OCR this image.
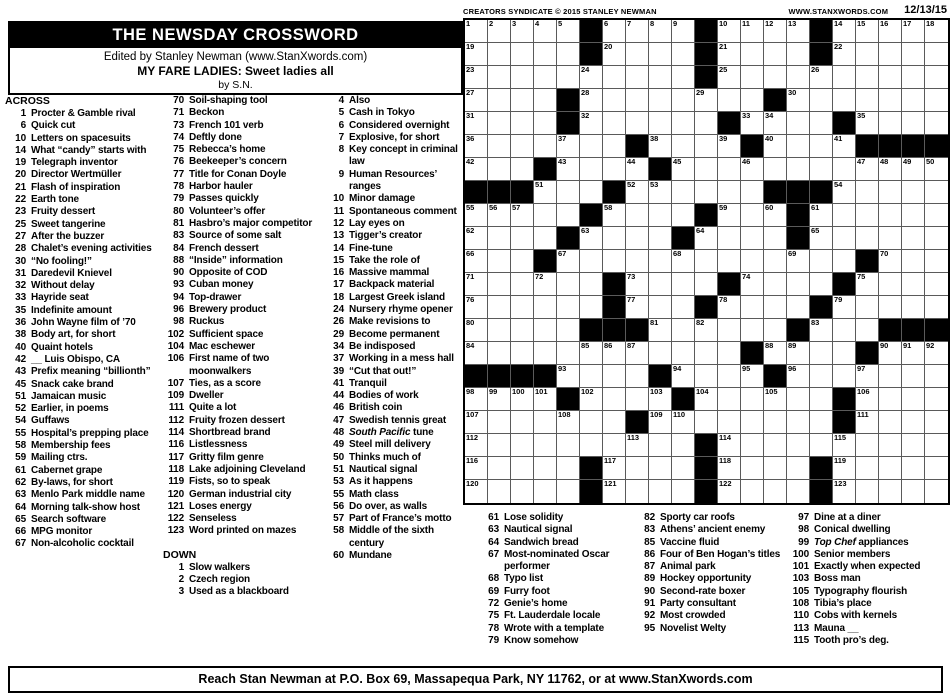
CREATORS SYNDICATE © 2015 STANLEY NEWMAN	WWW.STANXWORDS.COM 12/13/15
THE NEWSDAY CROSSWORD
Edited by Stanley Newman (www.StanXwords.com)
MY FARE LADIES: Sweet ladies all
by S.N.
1	2	3	4	5	6	7	8	9	10 11 12 13	14 15 16 17 18
19	20	21	22
23	24	25	26
27	28	29	30
31	32	33 34	35
36	37	38	39	40	41
42	43	44	45	46	47 48 49 50
51	52 53	54
55 56 57	58	59	60	61
62	63	64	65
66	67	68	69	70
71	72	73	74	75
76	77	78	79
80	81	82	83
84	85 86 87	88 89	90 91 92
93	94	95	96	97
98 99 100 101	102	103	104	105	106
107	108	109 110	111
112	113	114	115
116	117	118	119
120	121	122	123
ACROSS
1 Procter & Gamble rival
6 Quick cut
10 Letters on spacesuits
14 What “candy” starts with
19 Telegraph inventor
20 Director Wertmüller
21 Flash of inspiration
22 Earth tone
23 Fruity dessert
25 Sweet tangerine
27 After the buzzer
28 Chalet’s evening activities
30 “No fooling!”
31 Daredevil Knievel
32 Without delay
33 Hayride seat
35 Indefinite amount
36 John Wayne film of ’70
38 Body art, for short
40 Quaint hotels
42 __ Luis Obispo, CA
43 Prefix meaning “billionth”
45 Snack cake brand
51 Jamaican music
52 Earlier, in poems
54 Guffaws
55 Hospital’s prepping place
58 Membership fees
59 Mailing ctrs.
61 Cabernet grape
62 By-laws, for short
63 Menlo Park middle name
64 Morning talk-show host
65 Search software
66 MPG monitor
67 Non-alcoholic cocktail
70 Soil-shaping tool
71 Beckon
73 French 101 verb
74 Deftly done
75 Rebecca’s home
76 Beekeeper’s concern
77 Title for Conan Doyle
78 Harbor hauler
79 Passes quickly
80 Volunteer’s offer
81 Hasbro’s major competitor
83 Source of some salt
84 French dessert
88 “Inside” information
90 Opposite of COD
93 Cuban money
94 Top-drawer
96 Brewery product
98 Ruckus
102 Sufficient space
104 Mac eschewer
106 First name of two moonwalkers
107 Ties, as a score
109 Dweller
111 Quite a lot
112 Fruity frozen dessert
114 Shortbread brand
116 Listlessness
117 Gritty film genre
118 Lake adjoining Cleveland
119 Fists, so to speak
120 German industrial city
121 Loses energy
122 Senseless
123 Word printed on mazes
DOWN
1 Slow walkers
2 Czech region
3 Used as a blackboard
4 Also
5 Cash in Tokyo
6 Considered overnight
7 Explosive, for short
8 Key concept in criminal law
9 Human Resources’ ranges
10 Minor damage
11 Spontaneous comment
12 Lay eyes on
13 Tigger’s creator
14 Fine-tune
15 Take the role of
16 Massive mammal
17 Backpack material
18 Largest Greek island
24 Nursery rhyme opener
26 Make revisions to
29 Become permanent
34 Be indisposed
37 Working in a mess hall
39 “Cut that out!”
41 Tranquil
44 Bodies of work
46 British coin
47 Swedish tennis great
48 South Pacific tune
49 Steel mill delivery
50 Thinks much of
51 Nautical signal
53 As it happens
55 Math class
56 Do over, as walls
57 Part of France’s motto
58 Middle of the sixth century
60 Mundane
61 Lose solidity
63 Nautical signal
64 Sandwich bread
67 Most-nominated Oscar performer
68 Typo list
69 Furry foot
72 Genie’s home
75 Ft. Lauderdale locale
78 Wrote with a template
79 Know somehow
82 Sporty car roofs
83 Athens’ ancient enemy
85 Vaccine fluid
86 Four of Ben Hogan’s titles
87 Animal park
89 Hockey opportunity
90 Second-rate boxer
91 Party consultant
92 Most crowded
95 Novelist Welty
97 Dine at a diner
98 Conical dwelling
99 Top Chef appliances
100 Senior members
101 Exactly when expected
103 Boss man
105 Typography flourish
108 Tibia’s place
110 Cobs with kernels
113 Mauna __
115 Tooth pro’s deg.
Reach Stan Newman at P.O. Box 69, Massapequa Park, NY 11762, or at www.StanXwords.com
